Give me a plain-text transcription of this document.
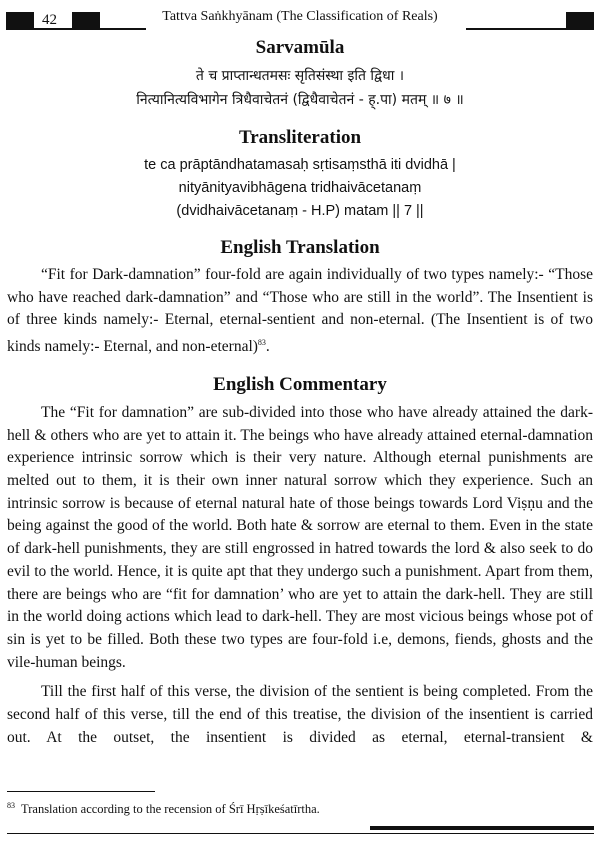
42	Tattva Saṅkhyānam (The Classification of Reals)
Sarvamūla
ते च प्राप्तान्धतमसः सृतिसंस्था इति द्विधा ।
नित्यानित्यविभागेन त्रिधैवाचेतनं (द्विधैवाचेतनं - ह्.पा) मतम् ॥ ७ ॥
Transliteration
te ca prāptāndhatamasaḥ sṛtisaṃsthā iti dvidhā |
nityānityavibhāgena tridhaivācetanaṃ
(dvidhaivācetanaṃ - H.P) matam || 7 ||
English Translation

“Fit for Dark-damnation” four-fold are again individually of two types namely:- “Those who have reached dark-damnation” and “Those who are still in the world”. The Insentient is of three kinds namely:- Eternal, eternal-sentient and non-eternal. (The Insentient is of two kinds namely:- Eternal, and non-eternal)$^{83}$.

English Commentary

The “Fit for damnation” are sub-divided into those who have already attained the dark-hell & others who are yet to attain it. The beings who have already attained eternal-damnation experience intrinsic sorrow which is their very nature. Although eternal punishments are melted out to them, it is their own inner natural sorrow which they experience. Such an intrinsic sorrow is because of eternal natural hate of those beings towards Lord Viṣṇu and the being against the good of the world. Both hate & sorrow are eternal to them. Even in the state of dark-hell punishments, they are still engrossed in hatred towards the lord & also seek to do evil to the world. Hence, it is quite apt that they undergo such a punishment. Apart from them, there are beings who are “fit for damnation’ who are yet to attain the dark-hell. They are still in the world doing actions which lead to dark-hell. They are most vicious beings whose pot of sin is yet to be filled. Both these two types are four-fold i.e, demons, fiends, ghosts and the vile-human beings.

Till the first half of this verse, the division of the sentient is being completed. From the second half of this verse, till the end of this treatise, the division of the insentient is carried out. At the outset, the insentient is divided as eternal, eternal-transient &

$^{83}$ Translation according to the recension of Śrī Hṛṣīkeśatīrtha.
